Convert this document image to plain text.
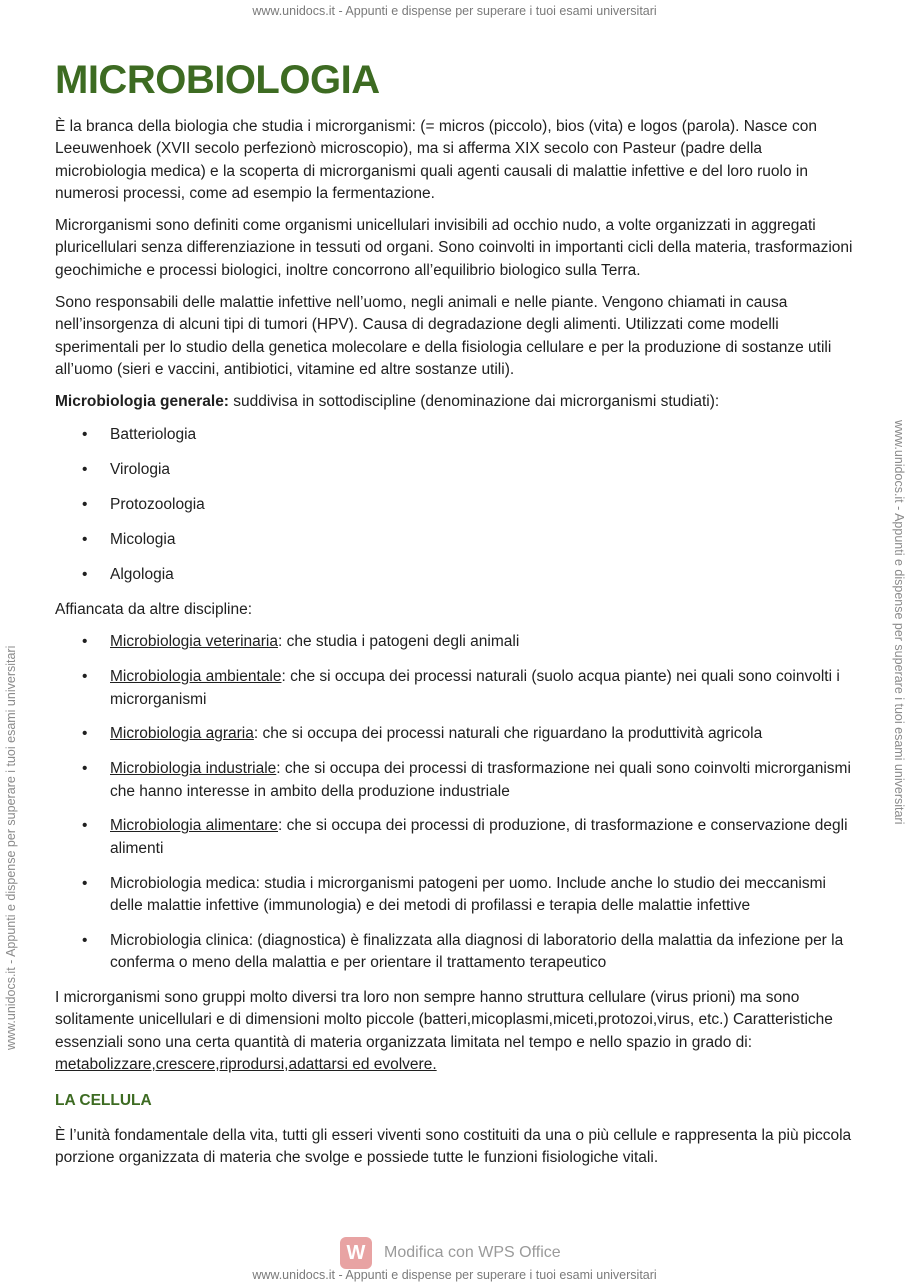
www.unidocs.it - Appunti e dispense per superare i tuoi esami universitari
www.unidocs.it - Appunti e dispense per superare i tuoi esami universitari
www.unidocs.it - Appunti e dispense per superare i tuoi esami universitari
MICROBIOLOGIA

È la branca della biologia che studia i microrganismi: (= micros (piccolo), bios (vita) e logos (parola). Nasce con Leeuwenhoek (XVII secolo perfezionò microscopio), ma si afferma XIX secolo con Pasteur (padre della microbiologia medica) e la scoperta di microrganismi quali agenti causali di malattie infettive e del loro ruolo in numerosi processi, come ad esempio la fermentazione.

Microrganismi sono definiti come organismi unicellulari invisibili ad occhio nudo, a volte organizzati in aggregati pluricellulari senza differenziazione in tessuti od organi. Sono coinvolti in importanti cicli della materia, trasformazioni geochimiche e processi biologici, inoltre concorrono all’equilibrio biologico sulla Terra.

Sono responsabili delle malattie infettive nell’uomo, negli animali e nelle piante. Vengono chiamati in causa nell’insorgenza di alcuni tipi di tumori (HPV). Causa di degradazione degli alimenti. Utilizzati come modelli sperimentali per lo studio della genetica molecolare e della fisiologia cellulare e per la produzione di sostanze utili all’uomo (sieri e vaccini, antibiotici, vitamine ed altre sostanze utili).

Microbiologia generale: suddivisa in sottodiscipline (denominazione dai microrganismi studiati):

• Batteriologia
• Virologia
• Protozoologia
• Micologia
• Algologia

Affiancata da altre discipline:

• Microbiologia veterinaria: che studia i patogeni degli animali
• Microbiologia ambientale: che si occupa dei processi naturali (suolo acqua piante) nei quali sono coinvolti i microrganismi
• Microbiologia agraria: che si occupa dei processi naturali che riguardano la produttività agricola
• Microbiologia industriale: che si occupa dei processi di trasformazione nei quali sono coinvolti microrganismi che hanno interesse in ambito della produzione industriale
• Microbiologia alimentare: che si occupa dei processi di produzione, di trasformazione e conservazione degli alimenti
• Microbiologia medica: studia i microrganismi patogeni per uomo. Include anche lo studio dei meccanismi delle malattie infettive (immunologia) e dei metodi di profilassi e terapia delle malattie infettive
• Microbiologia clinica: (diagnostica) è finalizzata alla diagnosi di laboratorio della malattia da infezione per la conferma o meno della malattia e per orientare il trattamento terapeutico

I microrganismi sono gruppi molto diversi tra loro non sempre hanno struttura cellulare (virus prioni) ma sono solitamente unicellulari e di dimensioni molto piccole (batteri,micoplasmi,miceti,protozoi,virus, etc.) Caratteristiche essenziali sono una certa quantità di materia organizzata limitata nel tempo e nello spazio in grado di: metabolizzare,crescere,riprodursi,adattarsi ed evolvere.

LA CELLULA

È l’unità fondamentale della vita, tutti gli esseri viventi sono costituiti da una o più cellule e rappresenta la più piccola porzione organizzata di materia che svolge e possiede tutte le funzioni fisiologiche vitali.

W	Modifica con WPS Office
www.unidocs.it - Appunti e dispense per superare i tuoi esami universitari
